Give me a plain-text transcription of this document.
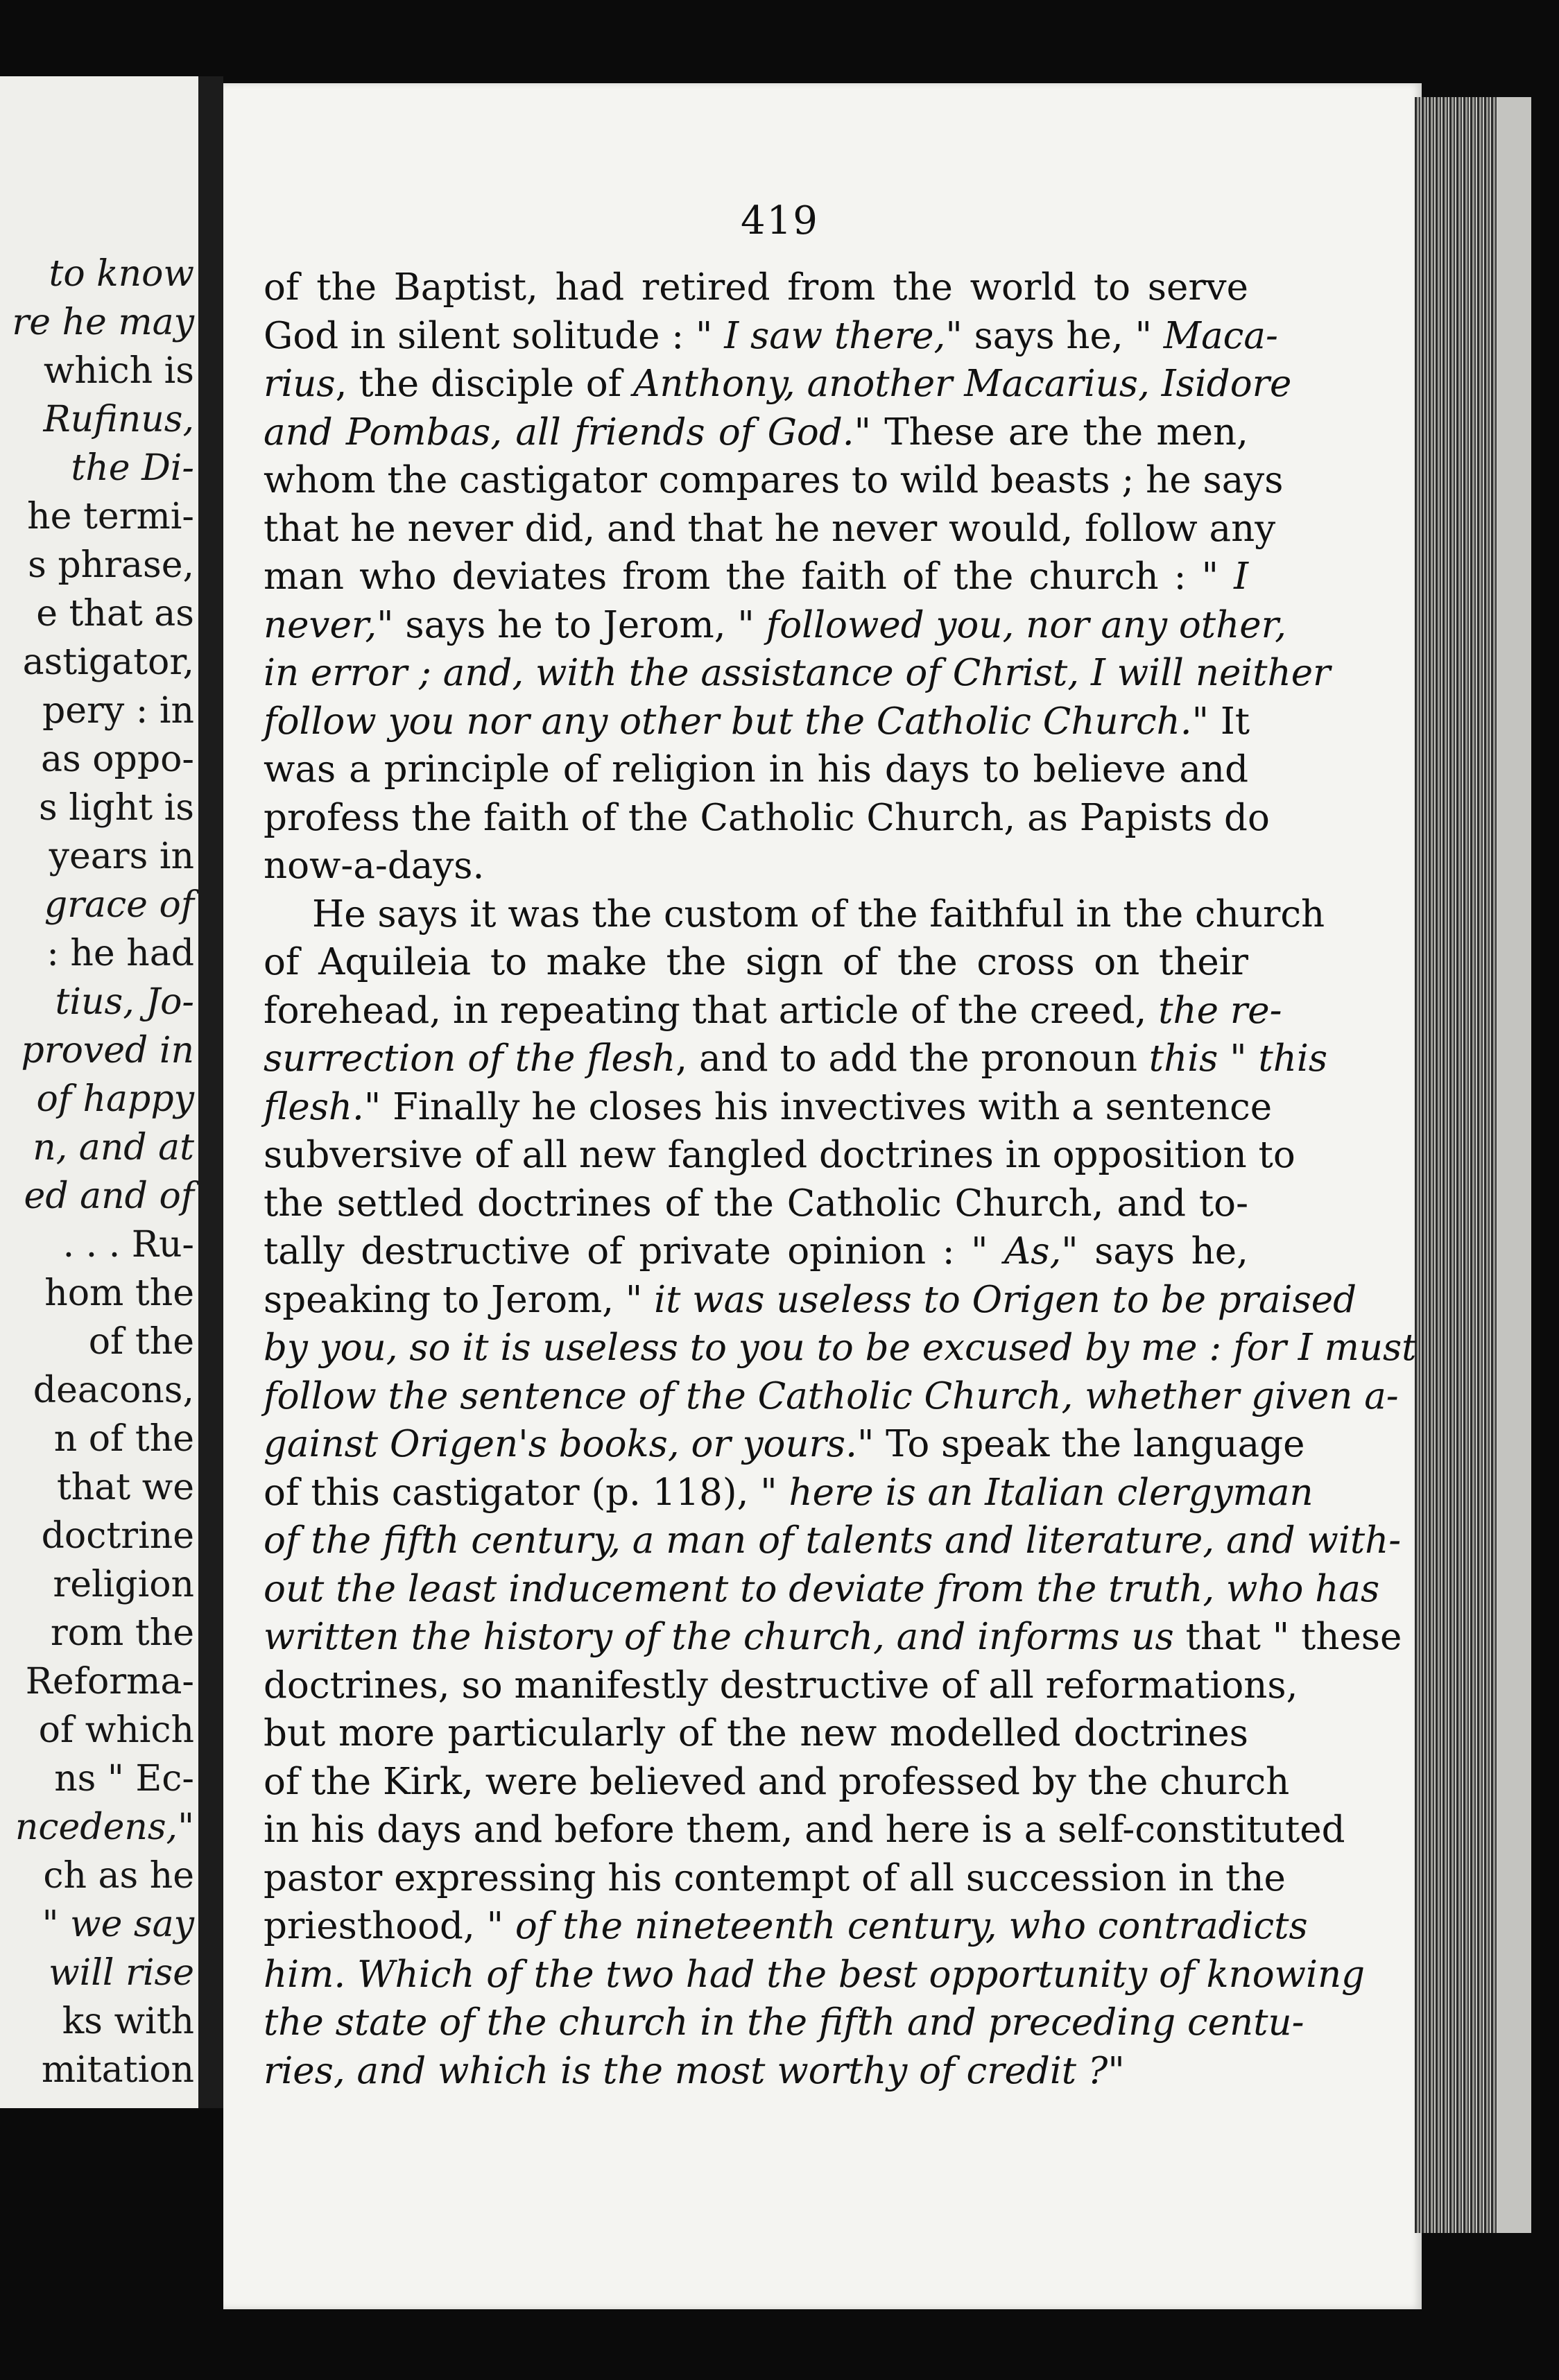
to know
re he may
which is
Rufinus,
the Di-
he termi-
s phrase,
e that as
astigator,
pery : in
as oppo-
s light is
years in
grace of
: he had
tius, Jo-
proved in
of happy
n, and at
ed and of
. . . Ru-
hom the
of the
deacons,
n of the
that we
doctrine
religion
rom the
Reforma-
of which
ns " Ec-
ncedens,"
ch as he
" we say
will rise
ks with
mitation
419
of the Baptist, had retired from the world to serve
God in silent solitude : " I saw there," says he, " Maca-
rius, the disciple of Anthony, another Macarius, Isidore
and Pombas, all friends of God." These are the men,
whom the castigator compares to wild beasts ; he says
that he never did, and that he never would, follow any
man who deviates from the faith of the church : " I
never," says he to Jerom, " followed you, nor any other,
in error ; and, with the assistance of Christ, I will neither
follow you nor any other but the Catholic Church." It
was a principle of religion in his days to believe and
profess the faith of the Catholic Church, as Papists do
now-a-days.
He says it was the custom of the faithful in the church
of Aquileia to make the sign of the cross on their
forehead, in repeating that article of the creed, the re-
surrection of the flesh, and to add the pronoun this " this
flesh." Finally he closes his invectives with a sentence
subversive of all new fangled doctrines in opposition to
the settled doctrines of the Catholic Church, and to-
tally destructive of private opinion : " As," says he,
speaking to Jerom, " it was useless to Origen to be praised
by you, so it is useless to you to be excused by me : for I must
follow the sentence of the Catholic Church, whether given a-
gainst Origen's books, or yours." To speak the language
of this castigator (p. 118), " here is an Italian clergyman
of the fifth century, a man of talents and literature, and with-
out the least inducement to deviate from the truth, who has
written the history of the church, and informs us that " these
doctrines, so manifestly destructive of all reformations,
but more particularly of the new modelled doctrines
of the Kirk, were believed and professed by the church
in his days and before them, and here is a self-constituted
pastor expressing his contempt of all succession in the
priesthood, " of the nineteenth century, who contradicts
him. Which of the two had the best opportunity of knowing
the state of the church in the fifth and preceding centu-
ries, and which is the most worthy of credit ?"
